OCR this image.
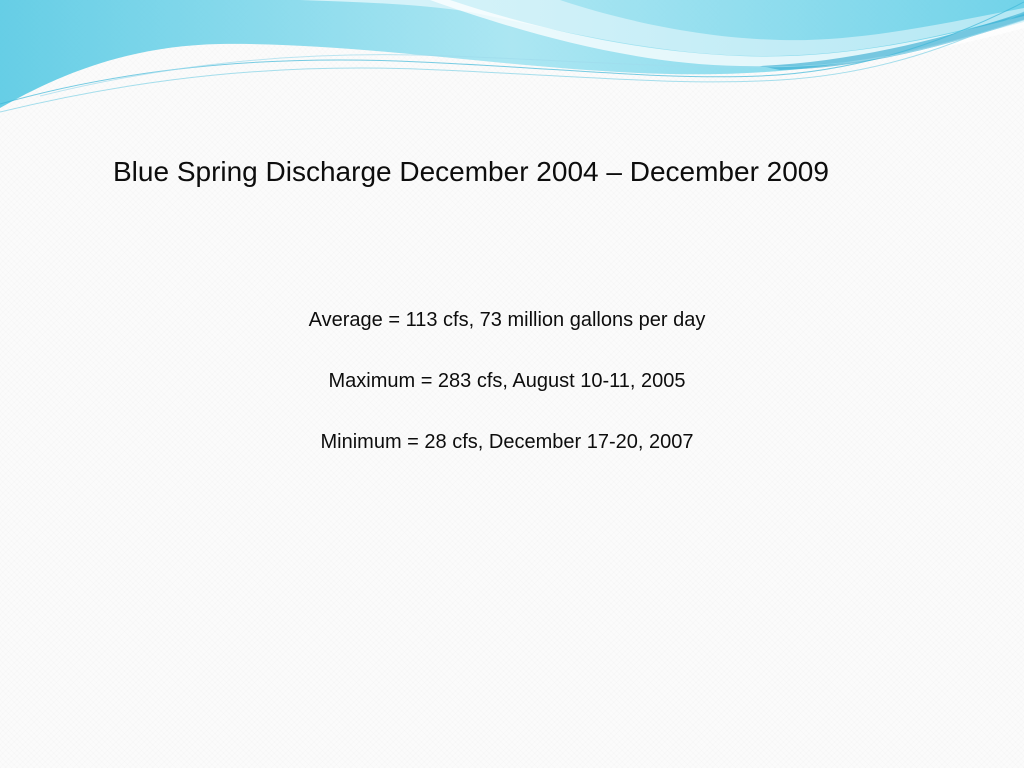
Blue Spring Discharge December 2004 – December 2009
Average = 113 cfs, 73 million gallons per day
Maximum = 283 cfs, August 10-11, 2005
Minimum = 28 cfs, December 17-20, 2007
